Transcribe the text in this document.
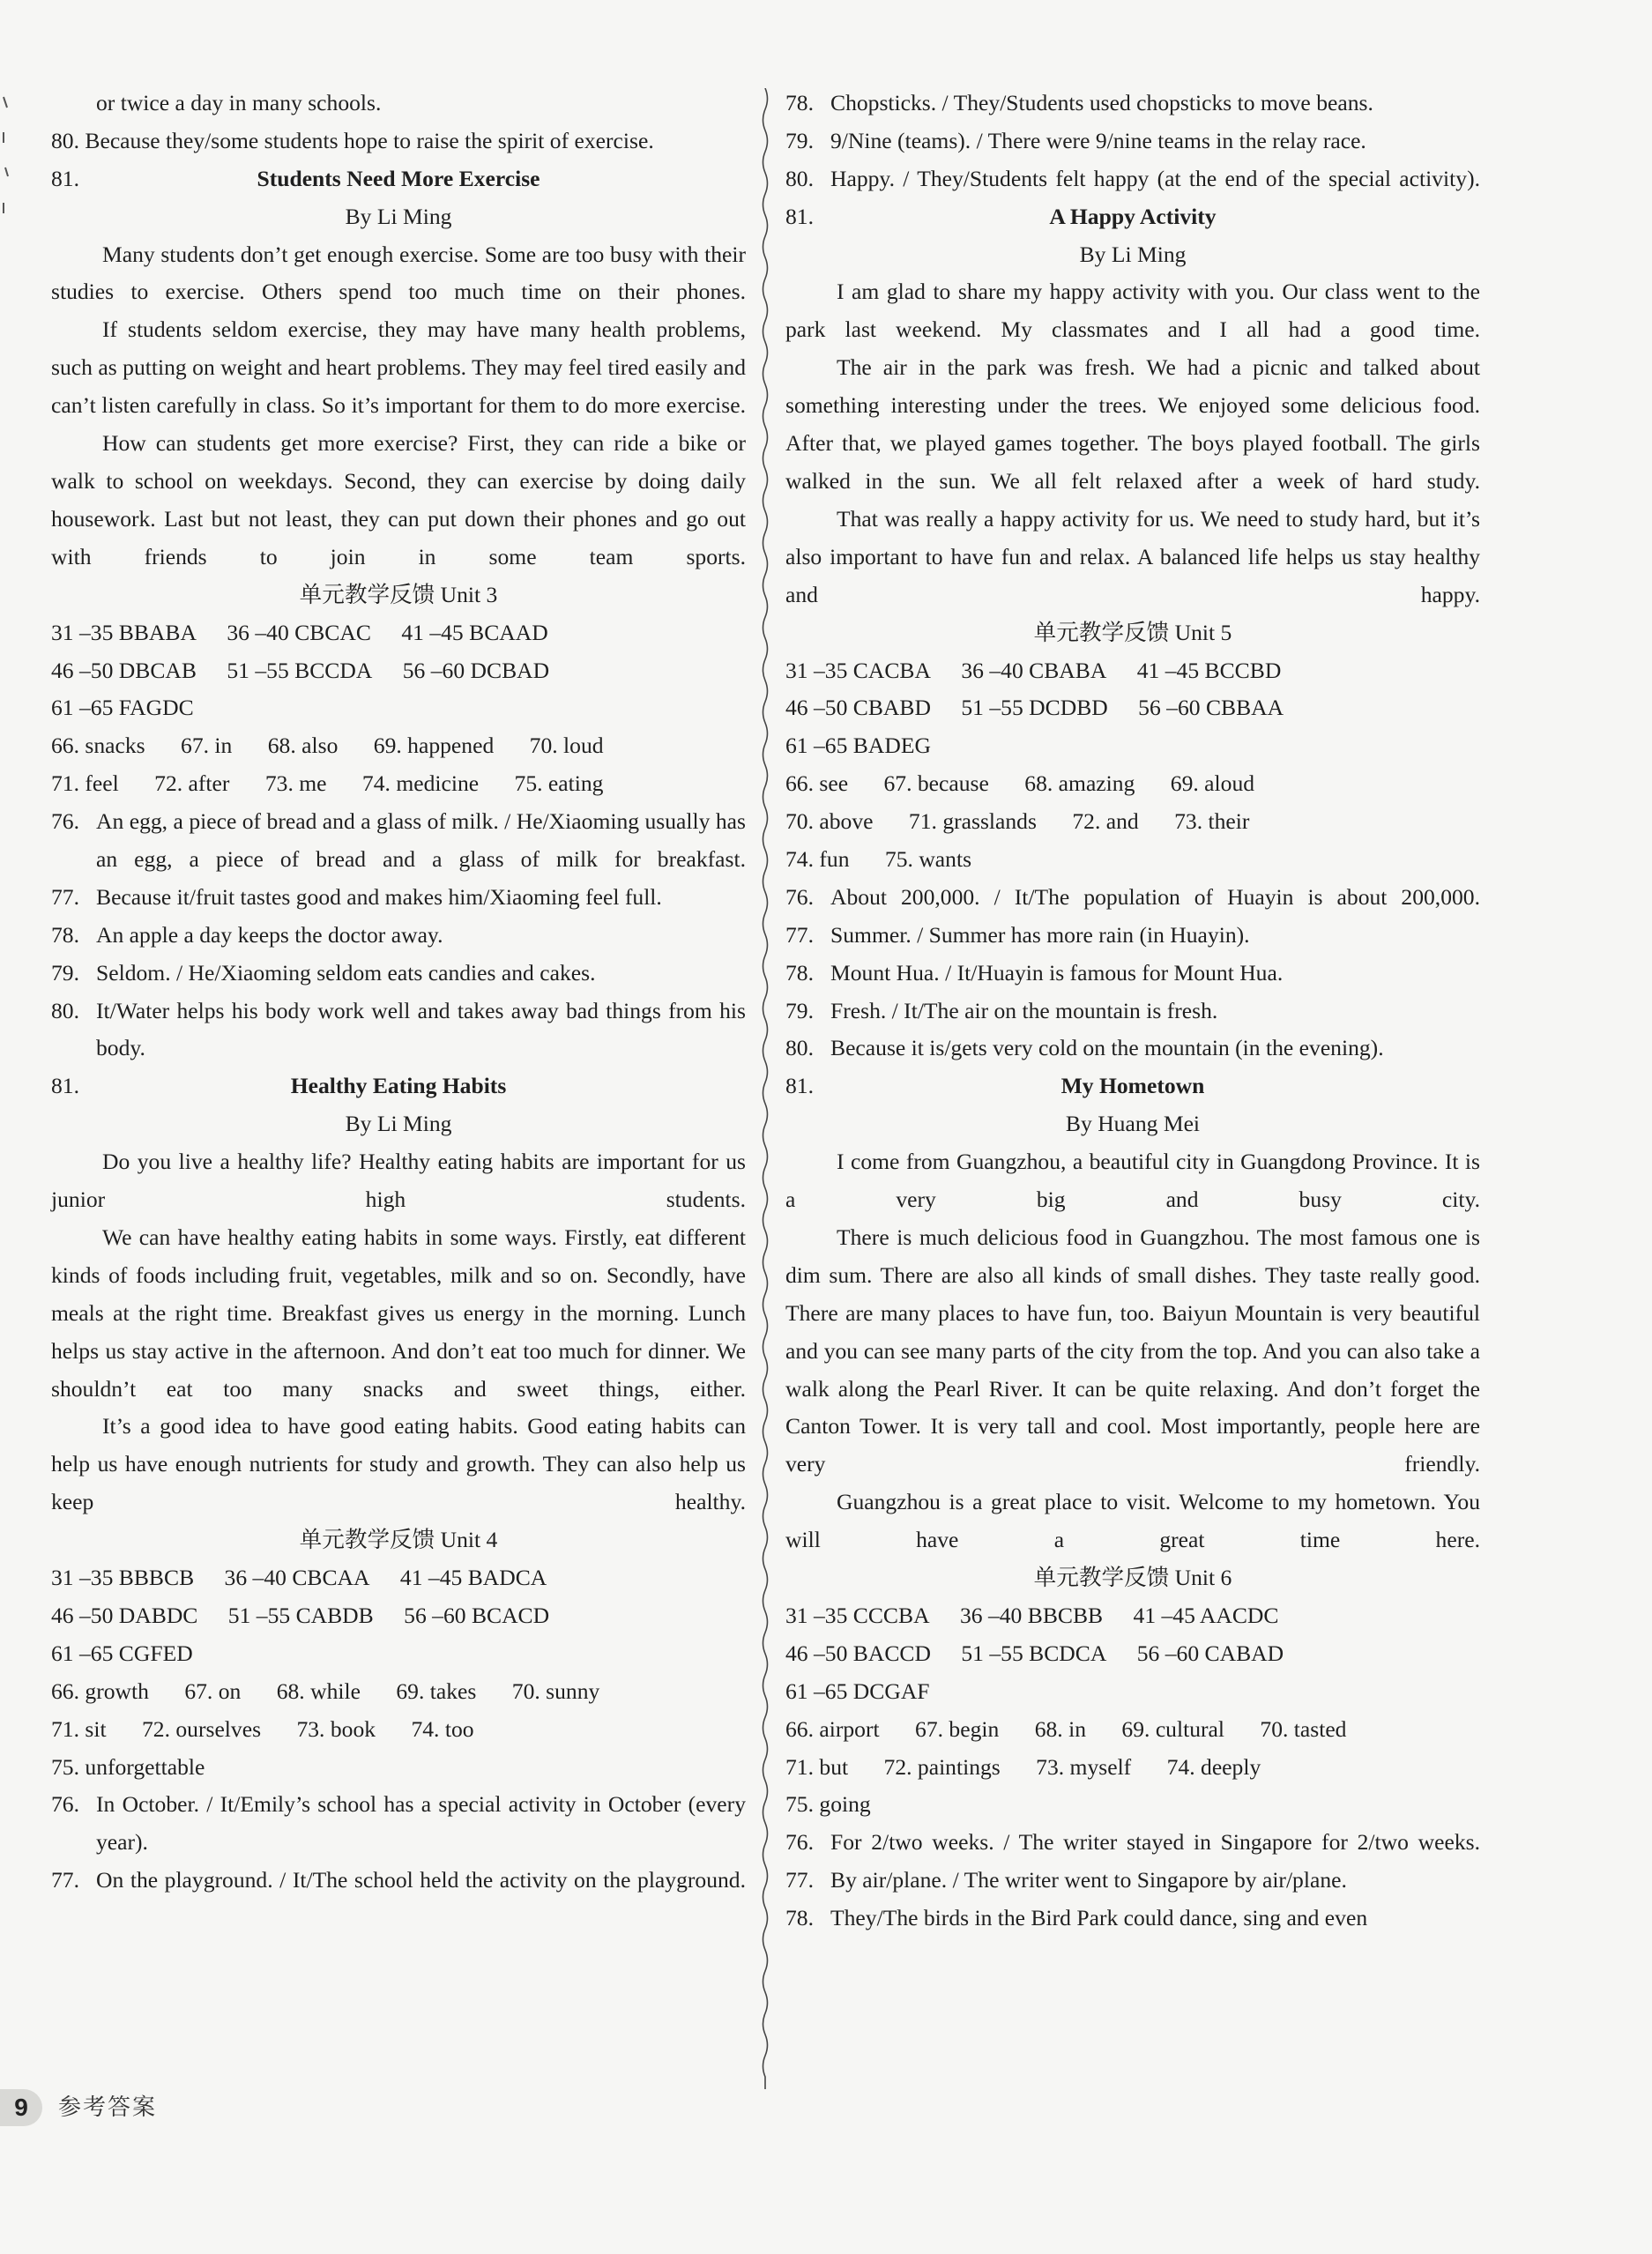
or twice a day in many schools.
80. Because they/some students hope to raise the spirit of exercise.
81.	Students Need More Exercise
By Li Ming
Many students don’t get enough exercise. Some are too busy with their studies to exercise. Others spend too much time on their phones.
If students seldom exercise, they may have many health problems, such as putting on weight and heart problems. They may feel tired easily and can’t listen carefully in class. So it’s important for them to do more exercise.
How can students get more exercise? First, they can ride a bike or walk to school on weekdays. Second, they can exercise by doing daily housework. Last but not least, they can put down their phones and go out with friends to join in some team sports.
单元教学反馈 Unit 3
31 –35 BBABA 36 –40 CBCAC 41 –45 BCAAD
46 –50 DBCAB 51 –55 BCCDA 56 –60 DCBAD
61 –65 FAGDC
66. snacks 67. in 68. also 69. happened 70. loud
71. feel 72. after 73. me 74. medicine 75. eating
76. An egg, a piece of bread and a glass of milk. / He/Xiaoming usually has an egg, a piece of bread and a glass of milk for breakfast.
77. Because it/fruit tastes good and makes him/Xiaoming feel full.
78. An apple a day keeps the doctor away.
79. Seldom. / He/Xiaoming seldom eats candies and cakes.
80. It/Water helps his body work well and takes away bad things from his body.
81.	Healthy Eating Habits
By Li Ming
Do you live a healthy life? Healthy eating habits are important for us junior high students.
We can have healthy eating habits in some ways. Firstly, eat different kinds of foods including fruit, vegetables, milk and so on. Secondly, have meals at the right time. Breakfast gives us energy in the morning. Lunch helps us stay active in the afternoon. And don’t eat too much for dinner. We shouldn’t eat too many snacks and sweet things, either.
It’s a good idea to have good eating habits. Good eating habits can help us have enough nutrients for study and growth. They can also help us keep healthy.
单元教学反馈 Unit 4
31 –35 BBBCB 36 –40 CBCAA 41 –45 BADCA
46 –50 DABDC 51 –55 CABDB 56 –60 BCACD
61 –65 CGFED
66. growth 67. on 68. while 69. takes 70. sunny
71. sit 72. ourselves 73. book 74. too
75. unforgettable
76. In October. / It/Emily’s school has a special activity in October (every year).
77. On the playground. / It/The school held the activity on the playground.
78. Chopsticks. / They/Students used chopsticks to move beans.
79. 9/Nine (teams). / There were 9/nine teams in the relay race.
80. Happy. / They/Students felt happy (at the end of the special activity).
81.	A Happy Activity
By Li Ming
I am glad to share my happy activity with you. Our class went to the park last weekend. My classmates and I all had a good time.
The air in the park was fresh. We had a picnic and talked about something interesting under the trees. We enjoyed some delicious food. After that, we played games together. The boys played football. The girls walked in the sun. We all felt relaxed after a week of hard study.
That was really a happy activity for us. We need to study hard, but it’s also important to have fun and relax. A balanced life helps us stay healthy and happy.
单元教学反馈 Unit 5
31 –35 CACBA 36 –40 CBABA 41 –45 BCCBD
46 –50 CBABD 51 –55 DCDBD 56 –60 CBBAA
61 –65 BADEG
66. see 67. because 68. amazing 69. aloud
70. above 71. grasslands 72. and 73. their
74. fun 75. wants
76. About 200,000. / It/The population of Huayin is about 200,000.
77. Summer. / Summer has more rain (in Huayin).
78. Mount Hua. / It/Huayin is famous for Mount Hua.
79. Fresh. / It/The air on the mountain is fresh.
80. Because it is/gets very cold on the mountain (in the evening).
81.	My Hometown
By Huang Mei
I come from Guangzhou, a beautiful city in Guangdong Province. It is a very big and busy city.
There is much delicious food in Guangzhou. The most famous one is dim sum. There are also all kinds of small dishes. They taste really good. There are many places to have fun, too. Baiyun Mountain is very beautiful and you can see many parts of the city from the top. And you can also take a walk along the Pearl River. It can be quite relaxing. And don’t forget the Canton Tower. It is very tall and cool. Most importantly, people here are very friendly.
Guangzhou is a great place to visit. Welcome to my hometown. You will have a great time here.
单元教学反馈 Unit 6
31 –35 CCCBA 36 –40 BBCBB 41 –45 AACDC
46 –50 BACCD 51 –55 BCDCA 56 –60 CABAD
61 –65 DCGAF
66. airport 67. begin 68. in 69. cultural 70. tasted
71. but 72. paintings 73. myself 74. deeply
75. going
76. For 2/two weeks. / The writer stayed in Singapore for 2/two weeks.
77. By air/plane. / The writer went to Singapore by air/plane.
78. They/The birds in the Bird Park could dance, sing and even
9	参考答案
